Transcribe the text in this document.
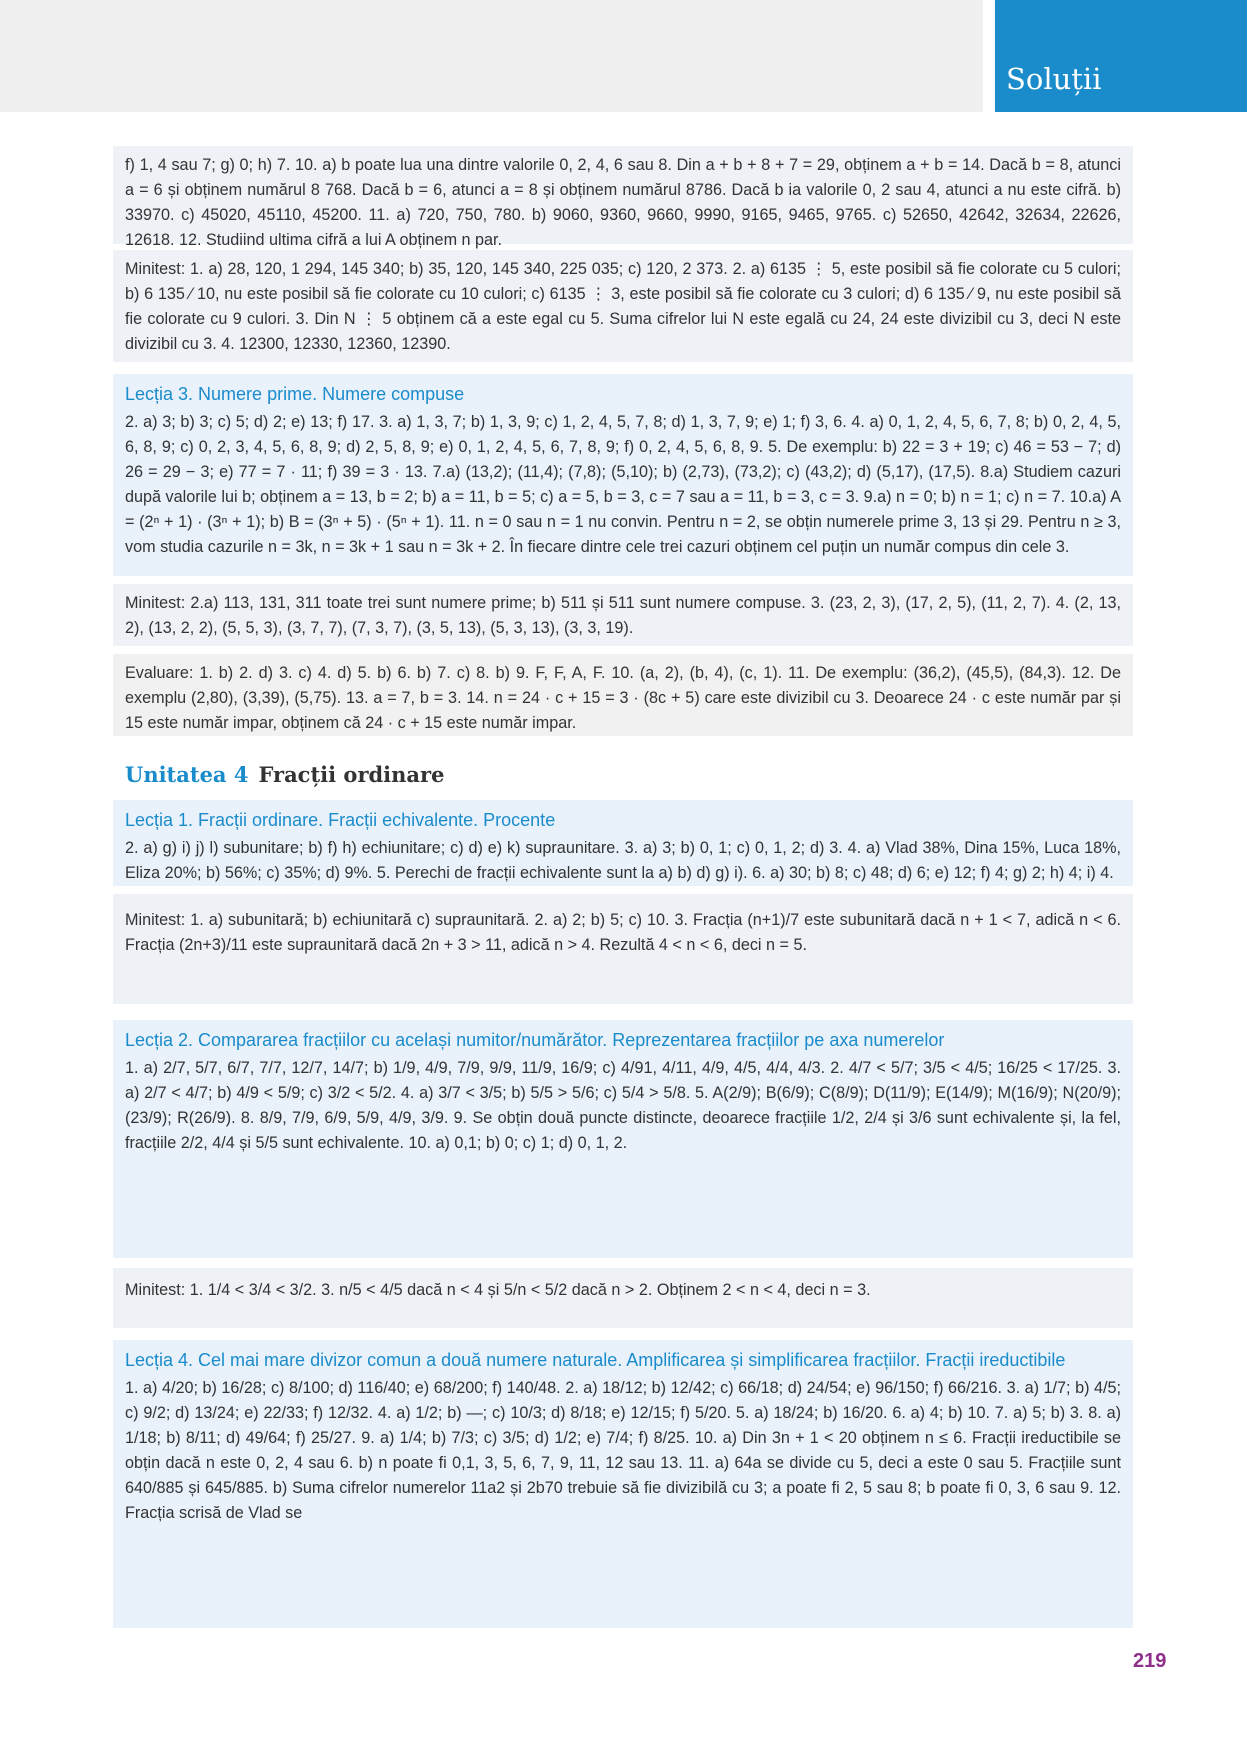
Soluții

f) 1, 4 sau 7; g) 0; h) 7. 10. a) b poate lua una dintre valorile 0, 2, 4, 6 sau 8. Din a + b + 8 + 7 = 29, obținem a + b = 14. Dacă b = 8, atunci a = 6 și obținem numărul 8 768. Dacă b = 6, atunci a = 8 și obținem numărul 8786. Dacă b ia valorile 0, 2 sau 4, atunci a nu este cifră. b) 33970. c) 45020, 45110, 45200. 11. a) 720, 750, 780. b) 9060, 9360, 9660, 9990, 9165, 9465, 9765. c) 52650, 42642, 32634, 22626, 12618. 12. Studiind ultima cifră a lui A obținem n par.

Minitest: 1. a) 28, 120, 1 294, 145 340; b) 35, 120, 145 340, 225 035; c) 120, 2 373. 2. a) 6135 ⋮ 5, este posibil să fie colorate cu 5 culori; b) 6 135 ⁄ 10, nu este posibil să fie colorate cu 10 culori; c) 6135 ⋮ 3, este posibil să fie colorate cu 3 culori; d) 6 135 ⁄ 9, nu este posibil să fie colorate cu 9 culori. 3. Din N ⋮ 5 obținem că a este egal cu 5. Suma cifrelor lui N este egală cu 24, 24 este divizibil cu 3, deci N este divizibil cu 3. 4. 12300, 12330, 12360, 12390.

Lecția 3. Numere prime. Numere compuse

2. a) 3; b) 3; c) 5; d) 2; e) 13; f) 17. 3. a) 1, 3, 7; b) 1, 3, 9; c) 1, 2, 4, 5, 7, 8; d) 1, 3, 7, 9; e) 1; f) 3, 6. 4. a) 0, 1, 2, 4, 5, 6, 7, 8; b) 0, 2, 4, 5, 6, 8, 9; c) 0, 2, 3, 4, 5, 6, 8, 9; d) 2, 5, 8, 9; e) 0, 1, 2, 4, 5, 6, 7, 8, 9; f) 0, 2, 4, 5, 6, 8, 9. 5. De exemplu: b) 22 = 3 + 19; c) 46 = 53 − 7; d) 26 = 29 − 3; e) 77 = 7 · 11; f) 39 = 3 · 13. 7.a) (13,2); (11,4); (7,8); (5,10); b) (2,73), (73,2); c) (43,2); d) (5,17), (17,5). 8.a) Studiem cazuri după valorile lui b; obținem a = 13, b = 2; b) a = 11, b = 5; c) a = 5, b = 3, c = 7 sau a = 11, b = 3, c = 3. 9.a) n = 0; b) n = 1; c) n = 7. 10.a) A = (2ⁿ + 1) · (3ⁿ + 1); b) B = (3ⁿ + 5) · (5ⁿ + 1). 11. n = 0 sau n = 1 nu convin. Pentru n = 2, se obțin numerele prime 3, 13 și 29. Pentru n ≥ 3, vom studia cazurile n = 3k, n = 3k + 1 sau n = 3k + 2. În fiecare dintre cele trei cazuri obținem cel puțin un număr compus din cele 3.

Minitest: 2.a) 113, 131, 311 toate trei sunt numere prime; b) 511 și 511 sunt numere compuse. 3. (23, 2, 3), (17, 2, 5), (11, 2, 7). 4. (2, 13, 2), (13, 2, 2), (5, 5, 3), (3, 7, 7), (7, 3, 7), (3, 5, 13), (5, 3, 13), (3, 3, 19).

Evaluare: 1. b) 2. d) 3. c) 4. d) 5. b) 6. b) 7. c) 8. b) 9. F, F, A, F. 10. (a, 2), (b, 4), (c, 1). 11. De exemplu: (36,2), (45,5), (84,3). 12. De exemplu (2,80), (3,39), (5,75). 13. a = 7, b = 3. 14. n = 24 · c + 15 = 3 · (8c + 5) care este divizibil cu 3. Deoarece 24 · c este număr par și 15 este număr impar, obținem că 24 · c + 15 este număr impar.

Unitatea 4 Fracții ordinare

Lecția 1. Fracții ordinare. Fracții echivalente. Procente

2. a) g) i) j) l) subunitare; b) f) h) echiunitare; c) d) e) k) supraunitare. 3. a) 3; b) 0, 1; c) 0, 1, 2; d) 3. 4. a) Vlad 38%, Dina 15%, Luca 18%, Eliza 20%; b) 56%; c) 35%; d) 9%. 5. Perechi de fracții echivalente sunt la a) b) d) g) i). 6. a) 30; b) 8; c) 48; d) 6; e) 12; f) 4; g) 2; h) 4; i) 4.

Minitest: 1. a) subunitară; b) echiunitară c) supraunitară. 2. a) 2; b) 5; c) 10. 3. Fracția (n+1)/7 este subunitară dacă n + 1 < 7, adică n < 6. Fracția (2n+3)/11 este supraunitară dacă 2n + 3 > 11, adică n > 4. Rezultă 4 < n < 6, deci n = 5.

Lecția 2. Compararea fracțiilor cu același numitor/numărător. Reprezentarea fracțiilor pe axa numerelor

1. a) 2/7, 5/7, 6/7, 7/7, 12/7, 14/7; b) 1/9, 4/9, 7/9, 9/9, 11/9, 16/9; c) 4/91, 4/11, 4/9, 4/5, 4/4, 4/3. 2. 4/7 < 5/7; 3/5 < 4/5; 16/25 < 17/25. 3. a) 2/7 < 4/7; b) 4/9 < 5/9; c) 3/2 < 5/2. 4. a) 3/7 < 3/5; b) 5/5 > 5/6; c) 5/4 > 5/8. 5. A(2/9); B(6/9); C(8/9); D(11/9); E(14/9); M(16/9); N(20/9); (23/9); R(26/9). 8. 8/9, 7/9, 6/9, 5/9, 4/9, 3/9. 9. Se obțin două puncte distincte, deoarece fracțiile 1/2, 2/4 și 3/6 sunt echivalente și, la fel, fracțiile 2/2, 4/4 și 5/5 sunt echivalente. 10. a) 0,1; b) 0; c) 1; d) 0, 1, 2.

Minitest: 1. 1/4 < 3/4 < 3/2. 3. n/5 < 4/5 dacă n < 4 și 5/n < 5/2 dacă n > 2. Obținem 2 < n < 4, deci n = 3.

Lecția 4. Cel mai mare divizor comun a două numere naturale. Amplificarea și simplificarea fracțiilor. Fracții ireductibile

1. a) 4/20; b) 16/28; c) 8/100; d) 116/40; e) 68/200; f) 140/48. 2. a) 18/12; b) 12/42; c) 66/18; d) 24/54; e) 96/150; f) 66/216. 3. a) 1/7; b) 4/5; c) 9/2; d) 13/24; e) 22/33; f) 12/32. 4. a) 1/2; b) —; c) 10/3; d) 8/18; e) 12/15; f) 5/20. 5. a) 18/24; b) 16/20. 6. a) 4; b) 10. 7. a) 5; b) 3. 8. a) 1/18; b) 8/11; d) 49/64; f) 25/27. 9. a) 1/4; b) 7/3; c) 3/5; d) 1/2; e) 7/4; f) 8/25. 10. a) Din 3n + 1 < 20 obținem n ≤ 6. Fracții ireductibile se obțin dacă n este 0, 2, 4 sau 6. b) n poate fi 0,1, 3, 5, 6, 7, 9, 11, 12 sau 13. 11. a) 64a se divide cu 5, deci a este 0 sau 5. Fracțiile sunt 640/885 și 645/885. b) Suma cifrelor numerelor 11a2 și 2b70 trebuie să fie divizibilă cu 3; a poate fi 2, 5 sau 8; b poate fi 0, 3, 6 sau 9. 12. Fracția scrisă de Vlad se

219
